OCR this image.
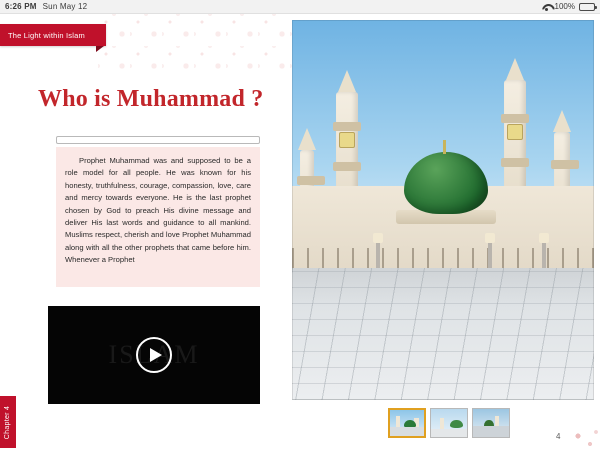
6:26 PM Sun May 12	100%
The Light within Islam
Who is Muhammad ?

Prophet Muhammad was and supposed to be a role model for all people. He was known for his honesty, truthfulness, courage, compassion, love, care and mercy towards everyone. He is the last prophet chosen by God to preach His divine message and deliver His last words and guidance to all mankind. Muslims respect, cherish and love Prophet Muhammad along with all the other prophets that came before him. Whenever a Prophet

ISLAM
Chapter 4	4
